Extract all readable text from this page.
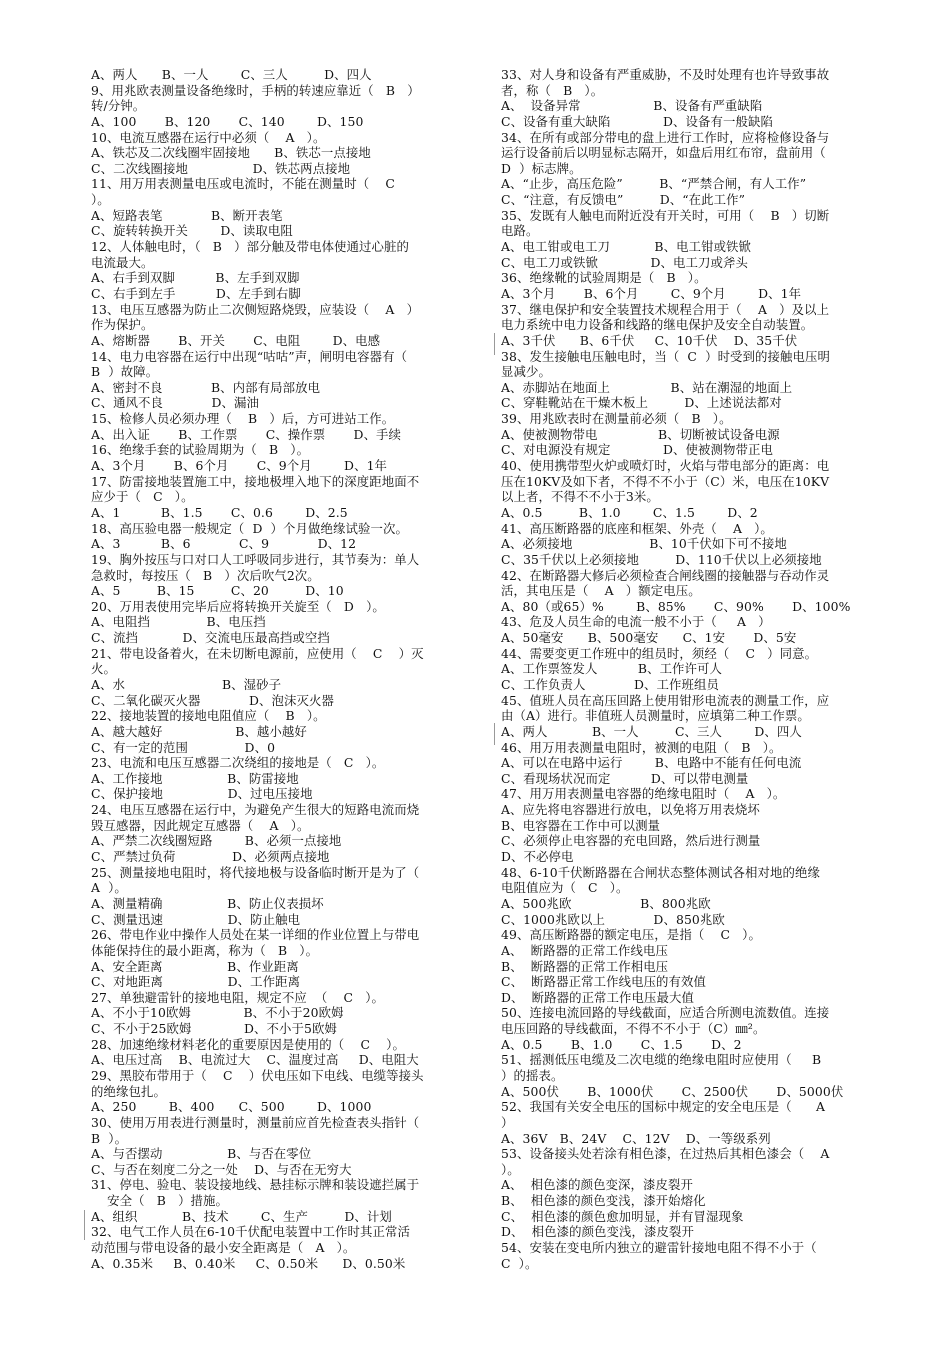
A、两人      B、一人        C、三人         D、四人
9、用兆欧表测量设备绝缘时，手柄的转速应靠近（   B   ）
转/分钟。
A、100       B、120       C、140        D、150
10、电流互感器在运行中必须（    A   ）。
A、铁芯及二次线圈牢固接地      B、铁芯一点接地
C、二次线圈接地                D、铁芯两点接地
11、用万用表测量电压或电流时，不能在测量时（    C
）。
A、短路表笔            B、断开表笔
C、旋转转换开关        D、读取电阻
12、人体触电时，（   B   ）部分触及带电体使通过心脏的
电流最大。
A、右手到双脚          B、左手到双脚
C、右手到左手          D、左手到右脚
13、电压互感器为防止二次侧短路烧毁，应装设（    A   ）
作为保护。
A、熔断器       B、开关       C、电阻        D、电感
14、电力电容器在运行中出现“咕咕”声，闸明电容器有（
B  ）故障。
A、密封不良            B、内部有局部放电
C、通风不良            D、漏油
15、检修人员必须办理（    B   ）后，方可进站工作。
A、出入证       B、工作票       C、操作票       D、手续
16、绝缘手套的试验周期为（   B   ）。
A、3个月       B、6个月       C、9个月        D、1年
17、防雷接地装置施工中，接地极埋入地下的深度距地面不
应少于（   C   ）。
A、1          B、1.5       C、0.6        D、2.5
18、高压验电器一般规定（  D  ）个月做绝缘试验一次。
A、3          B、6            C、9            D、12
19、胸外按压与口对口人工呼吸同步进行，其节奏为：单人
急救时，每按压（   B   ）次后吹气2次。
A、5         B、15         C、20         D、10
20、万用表使用完毕后应将转换开关旋至（   D   ）。
A、电阻挡              B、电压挡
C、流挡           D、交流电压最高挡或空挡
21、带电设备着火，在未切断电源前，应使用（    C    ）灭
火。
A、水                        B、湿砂子
C、二氧化碳灭火器            D、泡沫灭火器
22、接地装置的接地电阻值应（    B   ）。
A、越大越好                  B、越小越好
C、有一定的范围              D、0
23、电流和电压互感器二次绕组的接地是（   C   ）。
A、工作接地                B、防雷接地
C、保护接地                D、过电压接地
24、电压互感器在运行中，为避免产生很大的短路电流而烧
毁互感器，因此规定互感器（    A   ）。
A、严禁二次线圈短路        B、必须一点接地
C、严禁过负荷              D、必须两点接地
25、测量接地电阻时，将代接地极与设备临时断开是为了（
A  ）。
A、测量精确                B、防止仪表损坏
C、测量迅速                D、防止触电
26、带电作业中操作人员处在某一详细的作业位置上与带电
体能保持住的最小距离，称为（   B   ）。
A、安全距离                B、作业距离
C、对地距离                D、工作距离
27、单独避雷针的接地电阻，规定不应  （    C   ）。
A、不小于10欧姆             B、不小于20欧姆
C、不小于25欧姆             D、不小于5欧姆
28、加速绝缘材料老化的重要原因是使用的（    C    ）。
A、电压过高    B、电流过大    C、温度过高     D、电阻大
29、黑胶布带用于（    C    ）伏电压如下电线、电缆等接头
的绝缘包扎。
A、250        B、400      C、500        D、1000
30、使用万用表进行测量时，测量前应首先检查表头指针（
B  ）。
A、与否摆动                B、与否在零位
C、与否在刻度二分之一处    D、与否在无穷大
31、停电、验电、装设接地线、悬挂标示牌和装设遮拦属于
安全（   B   ）措施。
A、组织           B、技术        C、生产         D、计划
32、电气工作人员在6-10千伏配电装置中工作时其正常活
动范围与带电设备的最小安全距离是（   A   ）。
A、0.35米     B、0.40米     C、0.50米      D、0.50米
33、对人身和设备有严重威胁，不及时处理有也许导致事故
者，称（   B   ）。
A、  设备异常                  B、设备有严重缺陷
C、设备有重大缺陷             D、设备有一般缺陷
34、在所有或部分带电的盘上进行工作时，应将检修设备与
运行设备前后以明显标志隔开，如盘后用红布帘，盘前用（
D  ）标志牌。
A、“止步，高压危险”         B、“严禁合闸，有人工作”
C、“注意，有反馈电”         D、“在此工作”
35、发既有人触电而附近没有开关时，可用（    B   ）切断
电路。
A、电工钳或电工刀           B、电工钳或铁锨
C、电工刀或铁锨             D、电工刀或斧头
36、绝缘靴的试验周期是（   B   ）。
A、3个月       B、6个月        C、9个月        D、1年
37、继电保护和安全装置技术规程合用于（    A   ）及以上
电力系统中电力设备和线路的继电保护及安全自动装置。
A、3千伏      B、6千伏     C、10千伏    D、35千伏
38、发生接触电压触电时，当（  C  ）时受到的接触电压明
显减少。
A、赤脚站在地面上               B、站在潮湿的地面上
C、穿鞋靴站在干燥木板上         D、上述说法都对
39、用兆欧表时在测量前必须（   B   ）。
A、使被测物带电               B、切断被试设备电源
C、对电源没有规定             D、使被测物带正电
40、使用携带型火炉或喷灯时，火焰与带电部分的距离：电
压在10KV及如下者，不得不不小于（C）米，电压在10KV
以上者，不得不不小于3米。
A、0.5         B、1.0        C、1.5        D、2
41、高压断路器的底座和框架、外壳（    A   ）。
A、必须接地                   B、10千伏如下可不接地
C、35千伏以上必须接地         D、110千伏以上必须接地
42、在断路器大修后必须检查合闸线圈的接触器与吞动作灵
活，其电压是（    A   ）额定电压。
A、80（或65）%        B、85%       C、90%       D、100%
43、危及人员生命的电流一般不小于（     A   ）
A、50毫安      B、500毫安      C、1安       D、5安
44、需要变更工作班中的组员时，须经（    C   ）同意。
A、工作票签发人          B、工作许可人
C、工作负责人            D、工作班组员
45、值班人员在高压回路上使用钳形电流表的测量工作，应
由（A）进行。非值班人员测量时，应填第二种工作票。
A、两人           B、一人         C、三人        D、四人
46、用万用表测量电阻时，被测的电阻（   B   ）。
A、可以在电路中运行        B、电路中不能有任何电流
C、看现场状况而定          D、可以带电测量
47、用万用表测量电容器的绝缘电阻时（    A   ）。
A、应先将电容器进行放电，以免将万用表烧坏
B、电容器在工作中可以测量
C、必须停止电容器的充电回路，然后进行测量
D、不必停电
48、6-10千伏断路器在合闸状态整体测试各相对地的绝缘
电阻值应为（   C   ）。
A、500兆欧                 B、800兆欧
C、1000兆欧以上            D、850兆欧
49、高压断路器的额定电压，是指（    C   ）。
A、  断路器的正常工作线电压
B、  断路器的正常工作相电压
C、  断路器正常工作线电压的有效值
D、  断路器的正常工作电压最大值
50、连接电流回路的导线截面，应适合所测电流数值。连接
电压回路的导线截面，不得不不小于（C）㎜²。
A、0.5       B、1.0       C、1.5       D、2
51、摇测低压电缆及二次电缆的绝缘电阻时应使用（     B
）的摇表。
A、500伏       B、1000伏       C、2500伏       D、5000伏
52、我国有关安全电压的国标中规定的安全电压是（      A
）
A、36V   B、24V    C、12V    D、一等级系列
53、设备接头处若涂有相色漆，在过热后其相色漆会（    A
）。
A、  相色漆的颜色变深，漆皮裂开
B、  相色漆的颜色变浅，漆开始熔化
C、  相色漆的颜色愈加明显，并有冒湿现象
D、  相色漆的颜色变浅，漆皮裂开
54、安装在变电所内独立的避雷针接地电阻不得不小于（
C  ）。
